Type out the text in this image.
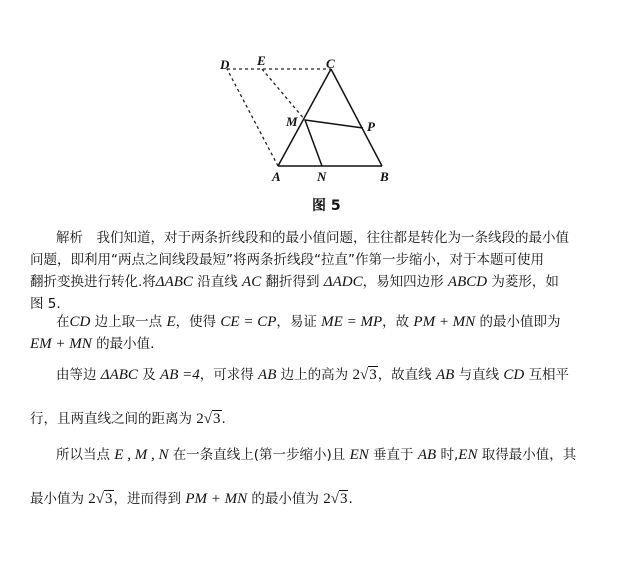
D E	C
M	P
A	N	B
图 5
解析　我们知道，对于两条折线段和的最小值问题，往往都是转化为一条线段的最小值
问题，即利用“两点之间线段最短”将两条折线段“拉直”作第一步缩小，对于本题可使用
翻折变换进行转化.将ΔABC 沿直线 AC 翻折得到 ΔADC，易知四边形 ABCD 为菱形，如
图 5.
在CD 边上取一点 E，使得 CE = CP，易证 ME = MP，故 PM + MN 的最小值即为
EM + MN 的最小值.
由等边 ΔABC 及 AB =4，可求得 AB 边上的高为 2√3，故直线 AB 与直线 CD 互相平
行，且两直线之间的距离为 2√3.
所以当点 E , M , N 在一条直线上(第一步缩小)且 EN 垂直于 AB 时,EN 取得最小值，其
最小值为 2√3，进而得到 PM + MN 的最小值为 2√3.
